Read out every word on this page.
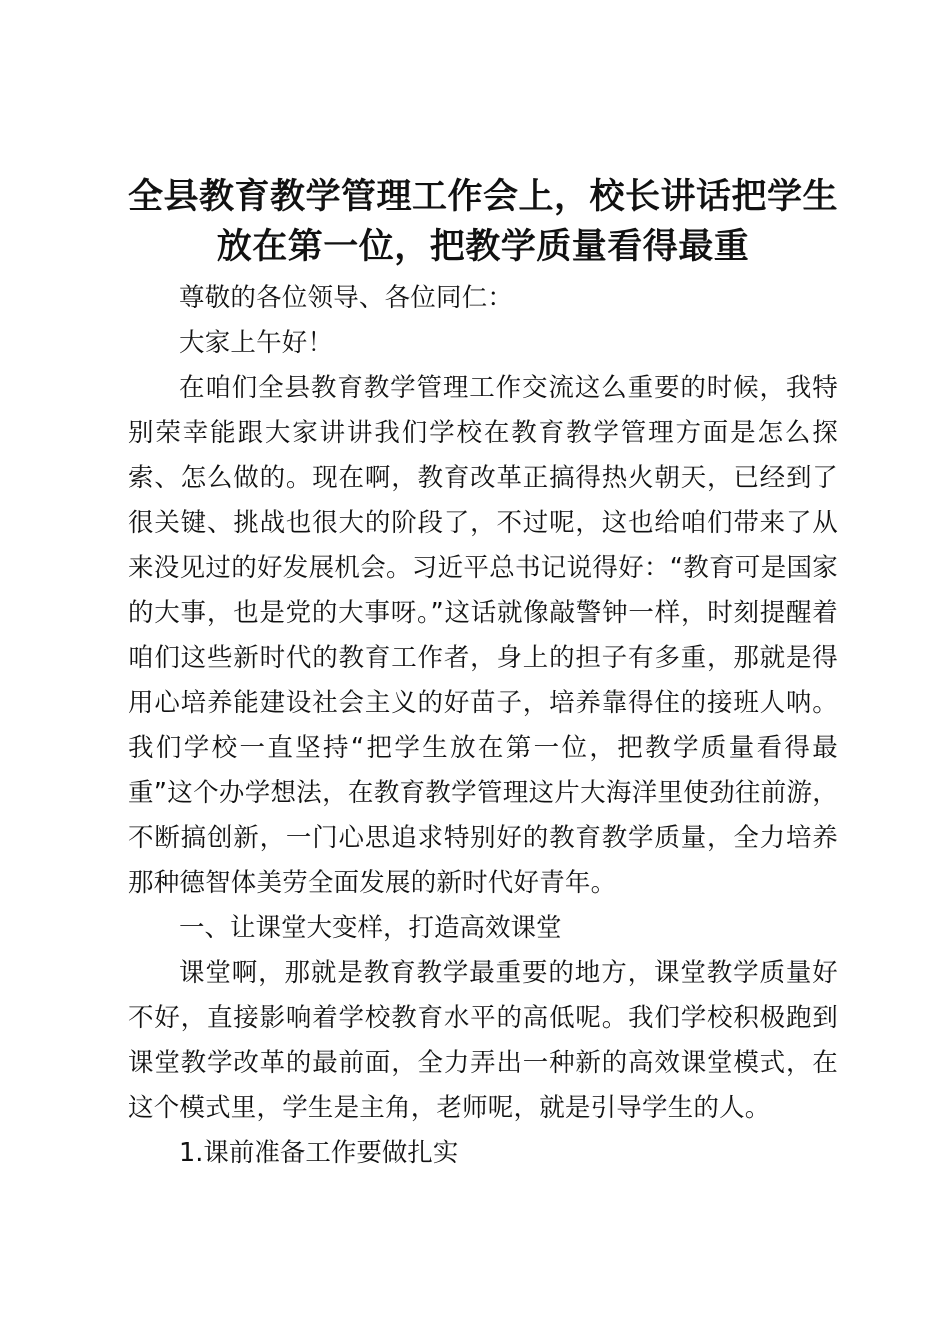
全县教育教学管理工作会上，校长讲话把学生
放在第一位，把教学质量看得最重

尊敬的各位领导、各位同仁：

大家上午好！

在咱们全县教育教学管理工作交流这么重要的时候，我特别荣幸能跟大家讲讲我们学校在教育教学管理方面是怎么探索、怎么做的。现在啊，教育改革正搞得热火朝天，已经到了很关键、挑战也很大的阶段了，不过呢，这也给咱们带来了从来没见过的好发展机会。习近平总书记说得好：“教育可是国家的大事，也是党的大事呀。”这话就像敲警钟一样，时刻提醒着咱们这些新时代的教育工作者，身上的担子有多重，那就是得用心培养能建设社会主义的好苗子，培养靠得住的接班人呐。我们学校一直坚持“把学生放在第一位，把教学质量看得最重”这个办学想法，在教育教学管理这片大海洋里使劲往前游，不断搞创新，一门心思追求特别好的教育教学质量，全力培养那种德智体美劳全面发展的新时代好青年。

一、让课堂大变样，打造高效课堂

课堂啊，那就是教育教学最重要的地方，课堂教学质量好不好，直接影响着学校教育水平的高低呢。我们学校积极跑到课堂教学改革的最前面，全力弄出一种新的高效课堂模式，在这个模式里，学生是主角，老师呢，就是引导学生的人。

1.课前准备工作要做扎实
